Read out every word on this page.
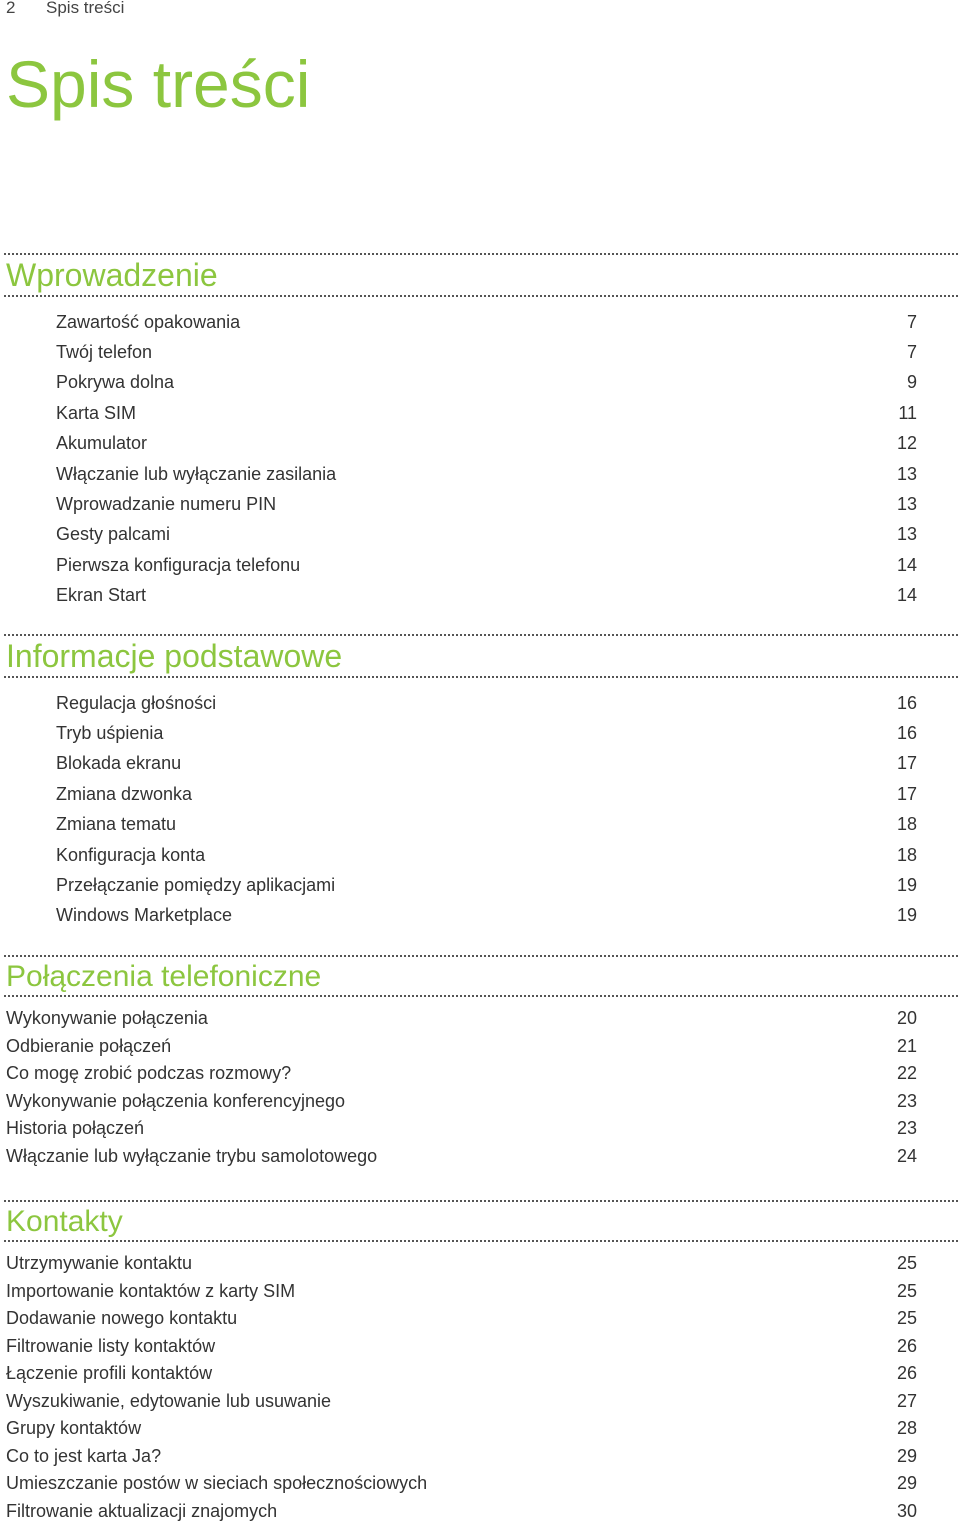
2 Spis treści
Spis treści
Wprowadzenie
Zawartość opakowania	7
Twój telefon	7
Pokrywa dolna	9
Karta SIM	11
Akumulator	12
Włączanie lub wyłączanie zasilania	13
Wprowadzanie numeru PIN	13
Gesty palcami	13
Pierwsza konfiguracja telefonu	14
Ekran Start	14
Informacje podstawowe
Regulacja głośności	16
Tryb uśpienia	16
Blokada ekranu	17
Zmiana dzwonka	17
Zmiana tematu	18
Konfiguracja konta	18
Przełączanie pomiędzy aplikacjami	19
Windows Marketplace	19
Połączenia telefoniczne
Wykonywanie połączenia	20
Odbieranie połączeń	21
Co mogę zrobić podczas rozmowy?	22
Wykonywanie połączenia konferencyjnego	23
Historia połączeń	23
Włączanie lub wyłączanie trybu samolotowego	24
Kontakty
Utrzymywanie kontaktu	25
Importowanie kontaktów z karty SIM	25
Dodawanie nowego kontaktu	25
Filtrowanie listy kontaktów	26
Łączenie profili kontaktów	26
Wyszukiwanie, edytowanie lub usuwanie	27
Grupy kontaktów	28
Co to jest karta Ja?	29
Umieszczanie postów w sieciach społecznościowych	29
Filtrowanie aktualizacji znajomych	30
